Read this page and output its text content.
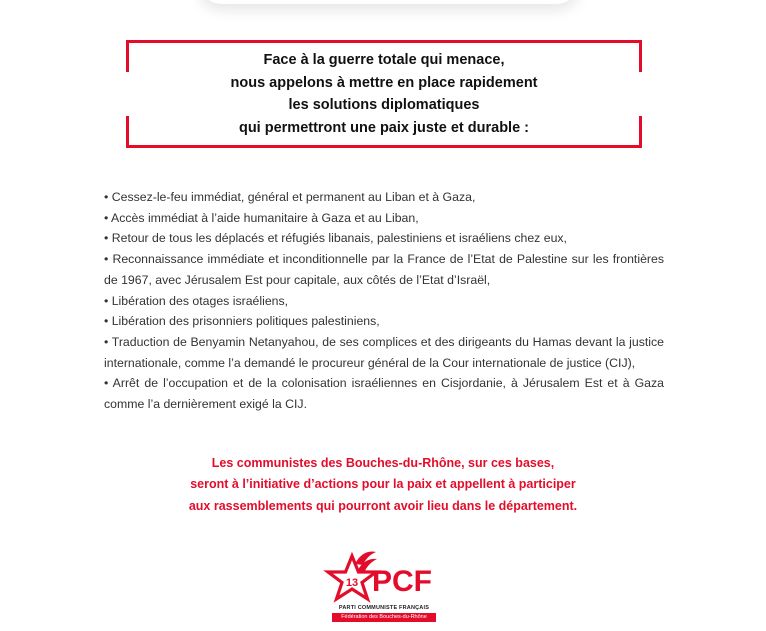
Face à la guerre totale qui menace,
nous appelons à mettre en place rapidement
les solutions diplomatiques
qui permettront une paix juste et durable :

• Cessez-le-feu immédiat, général et permanent au Liban et à Gaza,

• Accès immédiat à l’aide humanitaire à Gaza et au Liban,

• Retour de tous les déplacés et réfugiés libanais, palestiniens et israéliens chez eux,

• Reconnaissance immédiate et inconditionnelle par la France de l’Etat de Palestine sur les frontières de 1967, avec Jérusalem Est pour capitale, aux côtés de l’Etat d’Israël,

• Libération des otages israéliens,

• Libération des prisonniers politiques palestiniens,

• Traduction de Benyamin Netanyahou, de ses complices et des dirigeants du Hamas devant la justice internationale, comme l’a demandé le procureur général de la Cour internationale de justice (CIJ),

• Arrêt de l’occupation et de la colonisation israéliennes en Cisjordanie, à Jérusalem Est et à Gaza comme l’a dernièrement exigé la CIJ.

Les communistes des Bouches-du-Rhône, sur ces bases,
seront à l’initiative d’actions pour la paix et appellent à participer
aux rassemblements qui pourront avoir lieu dans le département.
13 PCF
PARTI COMMUNISTE FRANÇAIS
Fédération des Bouches-du-Rhône
